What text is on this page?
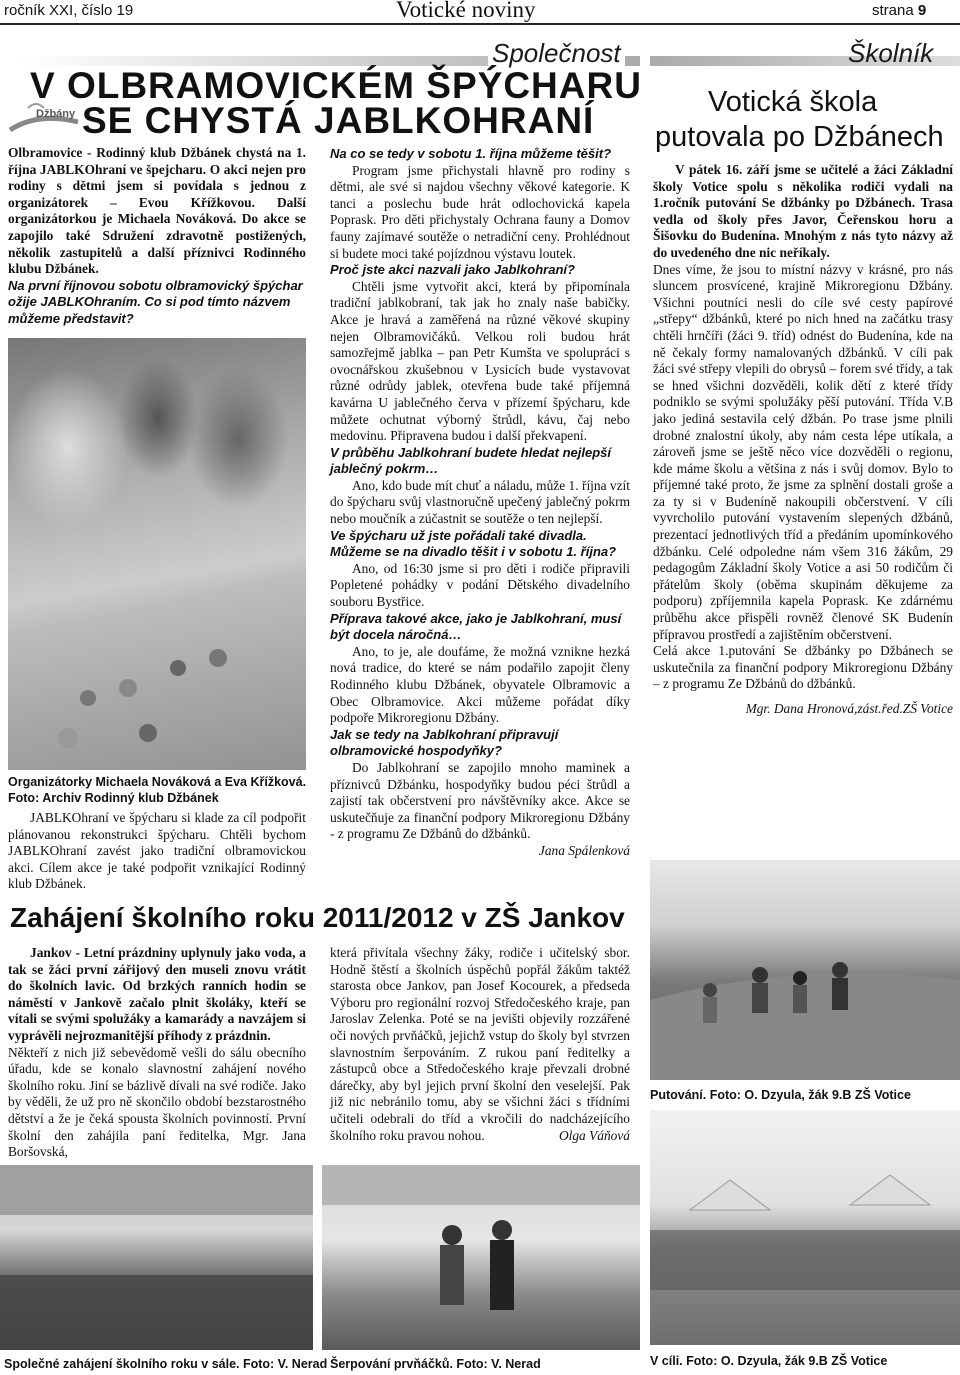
ročník XXI, číslo 19	Votické noviny	strana 9
Společnost	Školník
Džbány
V OLBRAMOVICKÉM ŠPÝCHARU
SE CHYSTÁ JABLKOHRANÍ

Olbramovice - Rodinný klub Džbánek chystá na 1. října JABLKOhraní ve špejcharu. O akci nejen pro rodiny s dětmi jsem si povídala s jednou z organizátorek – Evou Křížkovou. Další organizátorkou je Michaela Nováková. Do akce se zapojilo také Sdružení zdravotně postižených, několik zastupitelů a další příznivci Rodinného klubu Džbánek.

Na první říjnovou sobotu olbramovický špýchar ožije JABLKOhraním. Co si pod tímto názvem můžeme představit?

Organizátorky Michaela Nováková a Eva Křížková.

Foto: Archiv Rodinný klub Džbánek

JABLKOhraní ve špýcharu si klade za cíl podpořit plánovanou rekonstrukci špýcharu. Chtěli bychom JABLKOhraní zavést jako tradiční olbramovickou akci. Cílem akce je také podpořit vznikající Rodinný klub Džbánek.

Na co se tedy v sobotu 1. října můžeme těšit?

Program jsme přichystali hlavně pro rodiny s dětmi, ale své si najdou všechny věkové kategorie. K tanci a poslechu bude hrát odlochovická kapela Poprask. Pro děti přichystaly Ochrana fauny a Domov fauny zajímavé soutěže o netradiční ceny. Prohlédnout si budete moci také pojízdnou výstavu loutek.

Proč jste akci nazvali jako Jablkohraní?

Chtěli jsme vytvořit akci, která by připomínala tradiční jablkobraní, tak jak ho znaly naše babičky. Akce je hravá a zaměřená na různé věkové skupiny nejen Olbramovičáků. Velkou roli budou hrát samozřejmě jablka – pan Petr Kumšta ve spolupráci s ovocnářskou zkušebnou v Lysicích bude vystavovat různé odrůdy jablek, otevřena bude také příjemná kavárna U jablečného červa v přízemí špýcharu, kde můžete ochutnat výborný štrůdl, kávu, čaj nebo medovinu. Připravena budou i další překvapení.

V průběhu Jablkohraní budete hledat nejlepší jablečný pokrm…

Ano, kdo bude mít chuť a náladu, může 1. října vzít do špýcharu svůj vlastnoručně upečený jablečný pokrm nebo moučník a zúčastnit se soutěže o ten nejlepší.

Ve špýcharu už jste pořádali také divadla. Můžeme se na divadlo těšit i v sobotu 1. října?

Ano, od 16:30 jsme si pro děti i rodiče připravili Popletené pohádky v podání Dětského divadelního souboru Bystřice.

Příprava takové akce, jako je Jablkohraní, musí být docela náročná…

Ano, to je, ale doufáme, že možná vznikne hezká nová tradice, do které se nám podařilo zapojit členy Rodinného klubu Džbánek, obyvatele Olbramovic a Obec Olbramovice. Akci můžeme pořádat díky podpoře Mikroregionu Džbány.

Jak se tedy na Jablkohraní připravují olbramovické hospodyňky?

Do Jablkohraní se zapojilo mnoho maminek a příznivců Džbánku, hospodyňky budou péci štrůdl a zajistí tak občerstvení pro návštěvníky akce. Akce se uskutečňuje za finanční podpory Mikroregionu Džbány - z programu Ze Džbánů do džbánků.

Jana Spálenková

Votická škola
putovala po Džbánech

V pátek 16. září jsme se učitelé a žáci Základní školy Votice spolu s několika rodiči vydali na 1.ročník putování Se džbánky po Džbánech. Trasa vedla od školy přes Javor, Čeřenskou horu a Šišovku do Budenína. Mnohým z nás tyto názvy až do uvedeného dne nic neříkaly.

Dnes víme, že jsou to místní názvy v krásné, pro nás sluncem prosvícené, krajině Mikroregionu Džbány. Všichni poutníci nesli do cíle své cesty papírové „střepy“ džbánků, které po nich hned na začátku trasy chtěli hrnčíři (žáci 9. tříd) odnést do Budenína, kde na ně čekaly formy namalovaných džbánků. V cíli pak žáci své střepy vlepili do obrysů – forem své třídy, a tak se hned všichni dozvěděli, kolik dětí z které třídy podniklo se svými spolužáky pěší putování. Třída V.B jako jediná sestavila celý džbán. Po trase jsme plnili drobné znalostní úkoly, aby nám cesta lépe utíkala, a zároveň jsme se ještě něco více dozvěděli o regionu, kde máme školu a většina z nás i svůj domov. Bylo to příjemné také proto, že jsme za splnění dostali groše a za ty si v Budeníně nakoupili občerstvení. V cíli vyvrcholilo putování vystavením slepených džbánů, prezentací jednotlivých tříd a předáním upomínkového džbánku. Celé odpoledne nám všem 316 žákům, 29 pedagogům Základní školy Votice a asi 50 rodičům či přátelům školy (oběma skupinám děkujeme za podporu) zpříjemnila kapela Poprask. Ke zdárnému průběhu akce přispěli rovněž členové SK Budenín přípravou prostředí a zajištěním občerstvení.

Celá akce 1.putování Se džbánky po Džbánech se uskutečnila za finanční podpory Mikroregionu Džbány – z programu Ze Džbánů do džbánků.

Mgr. Dana Hronová,zást.řed.ZŠ Votice

Putování. Foto: O. Dzyula, žák 9.B ZŠ Votice

V cíli. Foto: O. Dzyula, žák 9.B ZŠ Votice

Zahájení školního roku 2011/2012 v ZŠ Jankov

Jankov - Letní prázdniny uplynuly jako voda, a tak se žáci první zářijový den museli znovu vrátit do školních lavic. Od brzkých ranních hodin se náměstí v Jankově začalo plnit školáky, kteří se vítali se svými spolužáky a kamarády a navzájem si vyprávěli nejrozmanitější příhody z prázdnin.

Někteří z nich již sebevědomě vešli do sálu obecního úřadu, kde se konalo slavnostní zahájení nového školního roku. Jiní se bázlivě dívali na své rodiče. Jako by věděli, že už pro ně skončilo období bezstarostného dětství a že je čeká spousta školních povinností. První školní den zahájila paní ředitelka, Mgr. Jana Boršovská,

která přivítala všechny žáky, rodiče i učitelský sbor. Hodně štěstí a školních úspěchů popřál žákům taktéž starosta obce Jankov, pan Josef Kocourek, a předseda Výboru pro regionální rozvoj Středočeského kraje, pan Jaroslav Zelenka. Poté se na jevišti objevily rozzářené oči nových prvňáčků, jejichž vstup do školy byl stvrzen slavnostním šerpováním. Z rukou paní ředitelky a zástupců obce a Středočeského kraje převzali drobné dárečky, aby byl jejich první školní den veselejší. Pak již nic nebránilo tomu, aby se všichni žáci s třídními učiteli odebrali do tříd a vkročili do nadcházejícího školního roku pravou nohou.	Olga Váňová

Společné zahájení školního roku v sále. Foto: V. Nerad Šerpování prvňáčků. Foto: V. Nerad
